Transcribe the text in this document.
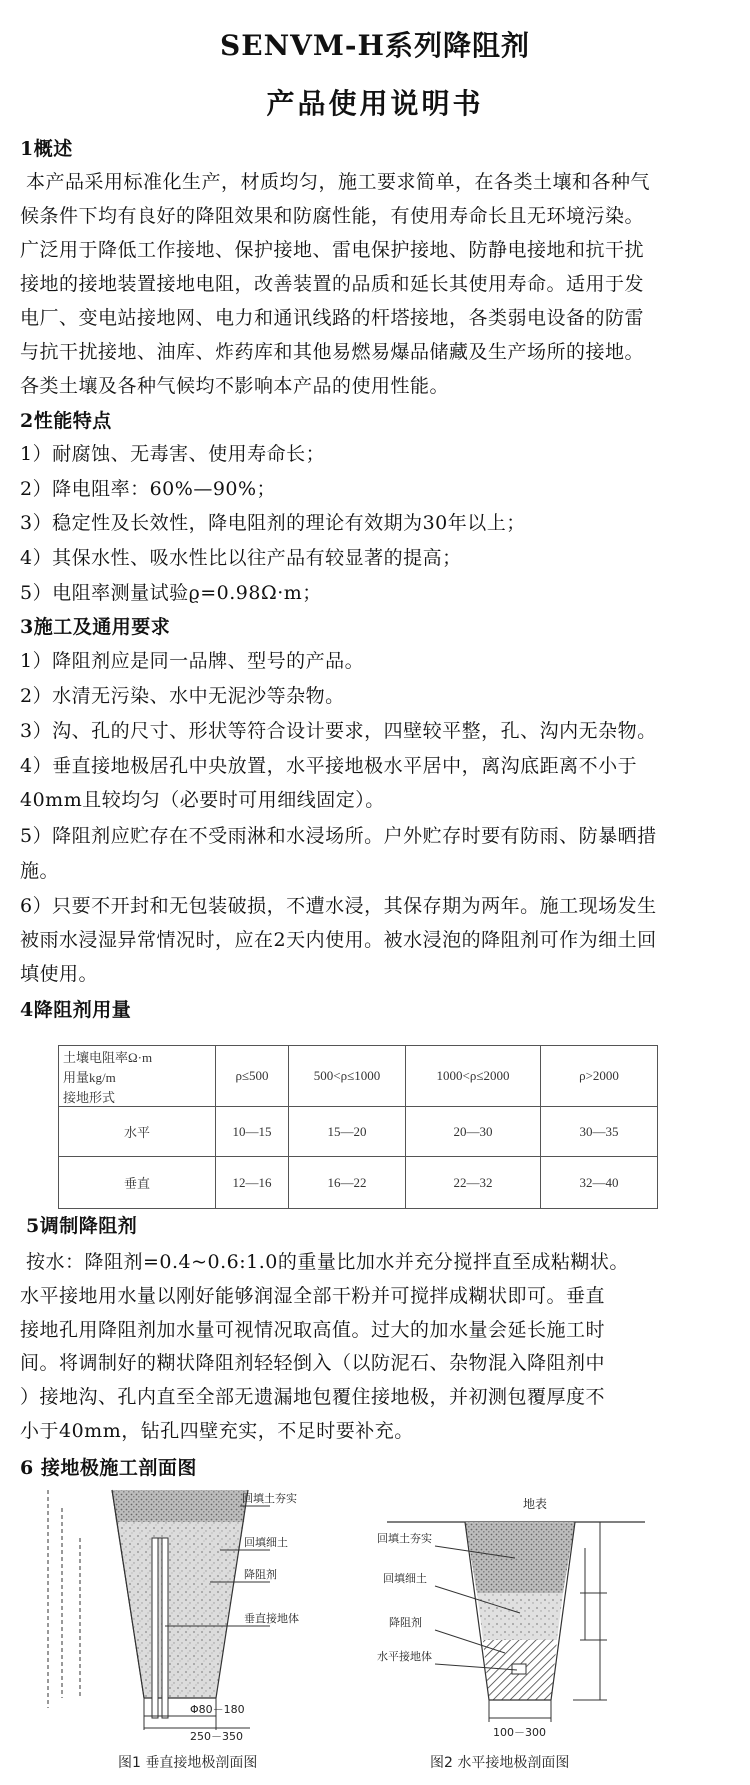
SENVM-H系列降阻剂
产品使用说明书
1概述
本产品采用标准化生产，材质均匀，施工要求简单，在各类土壤和各种气
候条件下均有良好的降阻效果和防腐性能，有使用寿命长且无环境污染。
广泛用于降低工作接地、保护接地、雷电保护接地、防静电接地和抗干扰
接地的接地装置接地电阻，改善装置的品质和延长其使用寿命。适用于发
电厂、变电站接地网、电力和通讯线路的杆塔接地，各类弱电设备的防雷
与抗干扰接地、油库、炸药库和其他易燃易爆品储藏及生产场所的接地。
各类土壤及各种气候均不影响本产品的使用性能。
2性能特点
1）耐腐蚀、无毒害、使用寿命长；
2）降电阻率：60%—90%；
3）稳定性及长效性，降电阻剂的理论有效期为30年以上；
4）其保水性、吸水性比以往产品有较显著的提高；
5）电阻率测量试验ϱ=0.98Ω·m；
3施工及通用要求
1）降阻剂应是同一品牌、型号的产品。
2）水清无污染、水中无泥沙等杂物。
3）沟、孔的尺寸、形状等符合设计要求，四壁较平整，孔、沟内无杂物。
4）垂直接地极居孔中央放置，水平接地极水平居中，离沟底距离不小于
40mm且较均匀（必要时可用细线固定）。
5）降阻剂应贮存在不受雨淋和水浸场所。户外贮存时要有防雨、防暴晒措
施。
6）只要不开封和无包装破损，不遭水浸，其保存期为两年。施工现场发生
被雨水浸湿异常情况时，应在2天内使用。被水浸泡的降阻剂可作为细土回
填使用。
4降阻剂用量
土壤电阻率Ω·m	ρ≤500	500<ρ≤1000	1000<ρ≤2000	ρ>2000
用量kg/m				
接地形式				
水平	10—15	15—20	20—30	30—35
垂直	12—16	16—22	22—32	32—40
5调制降阻剂
按水：降阻剂=0.4~0.6:1.0的重量比加水并充分搅拌直至成粘糊状。
水平接地用水量以刚好能够润湿全部干粉并可搅拌成糊状即可。垂直
接地孔用降阻剂加水量可视情况取高值。过大的加水量会延长施工时
间。将调制好的糊状降阻剂轻轻倒入（以防泥石、杂物混入降阻剂中
）接地沟、孔内直至全部无遗漏地包覆住接地极，并初测包覆厚度不
小于40mm，钻孔四壁充实，不足时要补充。
6 接地极施工剖面图
回填土夯实
回填细土
降阻剂
垂直接地体
Φ80－180
250－350
图1 垂直接地极剖面图
地表
回填土夯实
回填细土
降阻剂
水平接地体
100－300
图2 水平接地极剖面图
